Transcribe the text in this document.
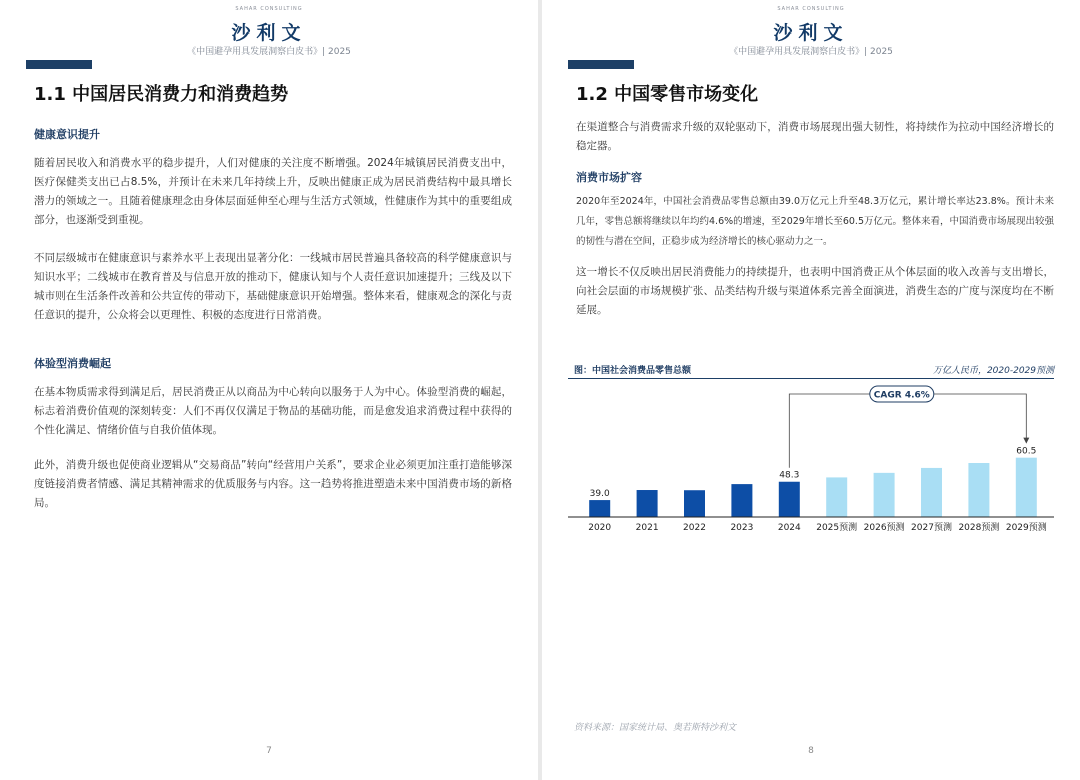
SAHAR CONSULTING
沙利文
《中国避孕用具发展洞察白皮书》| 2025
1.1 中国居民消费力和消费趋势
健康意识提升
随着居民收入和消费水平的稳步提升，人们对健康的关注度不断增强。2024年城镇居民消费支出中，医疗保健类支出已占8.5%，并预计在未来几年持续上升，反映出健康正成为居民消费结构中最具增长潜力的领域之一。且随着健康理念由身体层面延伸至心理与生活方式领域，性健康作为其中的重要组成部分，也逐渐受到重视。
不同层级城市在健康意识与素养水平上表现出显著分化：一线城市居民普遍具备较高的科学健康意识与知识水平；二线城市在教育普及与信息开放的推动下，健康认知与个人责任意识加速提升；三线及以下城市则在生活条件改善和公共宣传的带动下，基础健康意识开始增强。整体来看，健康观念的深化与责任意识的提升，公众将会以更理性、积极的态度进行日常消费。
体验型消费崛起
在基本物质需求得到满足后，居民消费正从以商品为中心转向以服务于人为中心。体验型消费的崛起，标志着消费价值观的深刻转变：人们不再仅仅满足于物品的基础功能，而是愈发追求消费过程中获得的个性化满足、情绪价值与自我价值体现。
此外，消费升级也促使商业逻辑从“交易商品”转向“经营用户关系”，要求企业必须更加注重打造能够深度链接消费者情感、满足其精神需求的优质服务与内容。这一趋势将推进塑造未来中国消费市场的新格局。
7
SAHAR CONSULTING
沙利文
《中国避孕用具发展洞察白皮书》| 2025
1.2 中国零售市场变化
在渠道整合与消费需求升级的双轮驱动下，消费市场展现出强大韧性，将持续作为拉动中国经济增长的稳定器。
消费市场扩容
2020年至2024年，中国社会消费品零售总额由39.0万亿元上升至48.3万亿元，累计增长率达23.8%。预计未来几年，零售总额将继续以年均约4.6%的增速，至2029年增长至60.5万亿元。整体来看，中国消费市场展现出较强的韧性与潜在空间，正稳步成为经济增长的核心驱动力之一。
这一增长不仅反映出居民消费能力的持续提升，也表明中国消费正从个体层面的收入改善与支出增长，向社会层面的市场规模扩张、品类结构升级与渠道体系完善全面演进，消费生态的广度与深度均在不断延展。
图：中国社会消费品零售总额	万亿人民币，2020-2029预测
39.0
2020	2021	2022	2023
48.3
2024 2025预测 2026预测 2027预测 2028预测
60.5
2029预测
CAGR 4.6%
资料来源：国家统计局、奥若斯特沙利文
8
